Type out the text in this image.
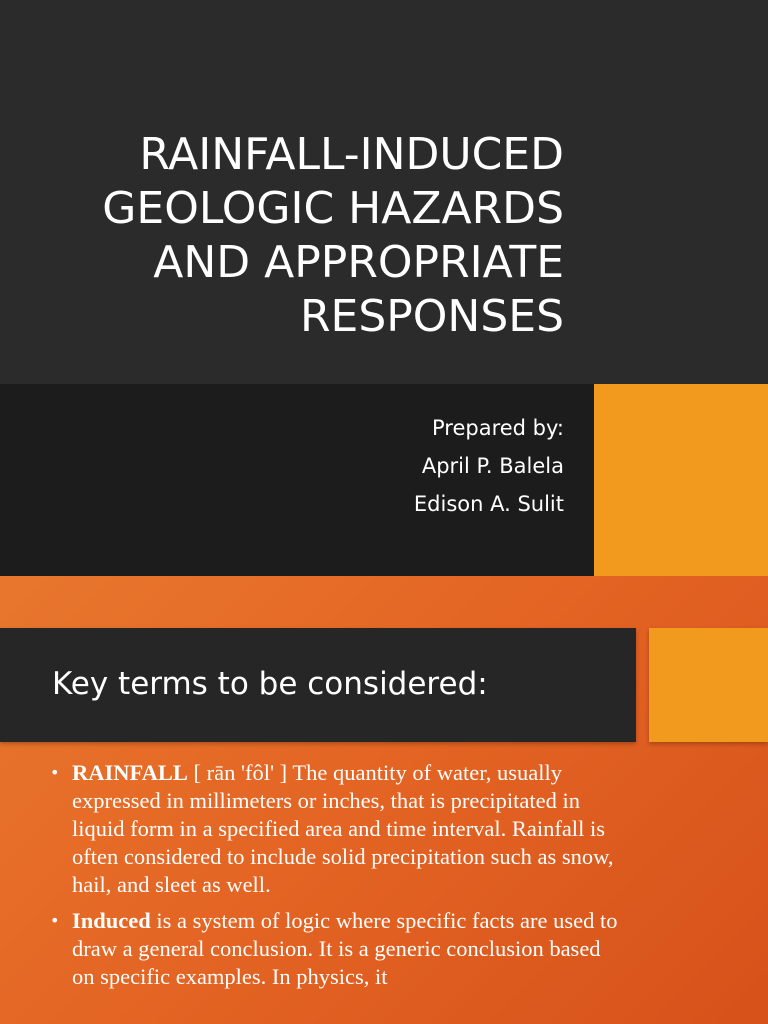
RAINFALL-INDUCED
GEOLOGIC HAZARDS
AND APPROPRIATE
RESPONSES
Prepared by:
April P. Balela
Edison A. Sulit
Key terms to be considered:
• RAINFALL [ rān 'fôl' ] The quantity of water, usually expressed in millimeters or inches, that is precipitated in liquid form in a specified area and time interval. Rainfall is often considered to include solid precipitation such as snow, hail, and sleet as well.
• Induced is a system of logic where specific facts are used to draw a general conclusion. It is a generic conclusion based on specific examples. In physics, it
